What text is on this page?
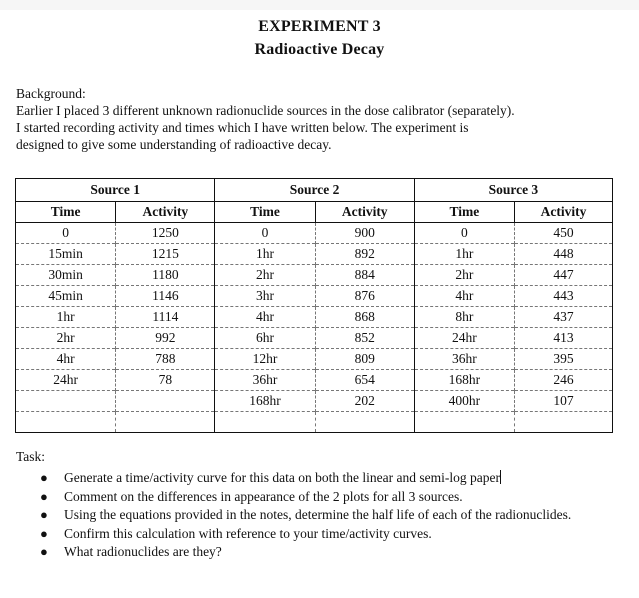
EXPERIMENT 3
Radioactive Decay

Background:

Earlier I placed 3 different unknown radionuclide sources in the dose calibrator (separately).

I started recording activity and times which I have written below. The experiment is

designed to give some understanding of radioactive decay.

Source 1		Source 2		Source 3	
Time	Activity	Time	Activity	Time	Activity
0	1250	0	900	0	450
15min	1215	1hr	892	1hr	448
30min	1180	2hr	884	2hr	447
45min	1146	3hr	876	4hr	443
1hr	1114	4hr	868	8hr	437
2hr	992	6hr	852	24hr	413
4hr	788	12hr	809	36hr	395
24hr	78	36hr	654	168hr	246
		168hr	202	400hr	107

Task:
● Generate a time/activity curve for this data on both the linear and semi-log paper
● Comment on the differences in appearance of the 2 plots for all 3 sources.
● Using the equations provided in the notes, determine the half life of each of the radionuclides.
● Confirm this calculation with reference to your time/activity curves.
● What radionuclides are they?
